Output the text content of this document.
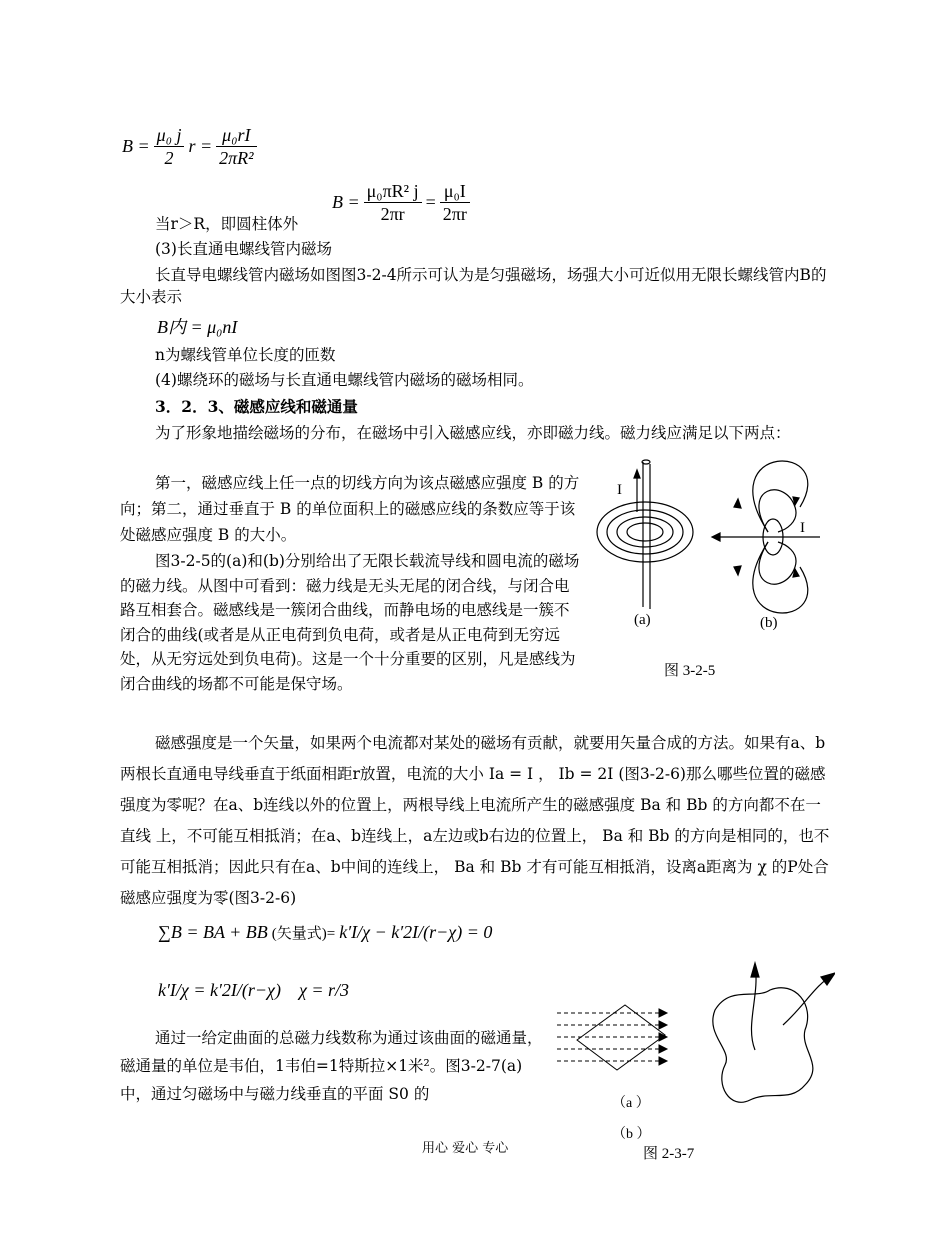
$B = \frac{\text{μ₀ j}}{2}$ $r = \frac{\text{μ₀rI}}{\text{2πR²}}$
$B = \frac{\text{μ₀πR² j}}{2\pi r} = \frac{\text{μ₀I}}{2\pi r}$
当r＞R，即圆柱体外
(3)长直通电螺线管内磁场
长直导电螺线管内磁场如图图3-2-4所示可认为是匀强磁场，场强大小可近似用无限长螺线管内B的大小表示
B内 = μ₀nI
n为螺线管单位长度的匝数
(4)螺绕环的磁场与长直通电螺线管内磁场的磁场相同。
3．2．3、磁感应线和磁通量
为了形象地描绘磁场的分布，在磁场中引入磁感应线，亦即磁力线。磁力线应满足以下两点：
第一，磁感应线上任一点的切线方向为该点磁感应强度 B 的方向；第二，通过垂直于 B 的单位面积上的磁感应线的条数应等于该处磁感应强度 B 的大小。
图3-2-5的(a)和(b)分别给出了无限长载流导线和圆电流的磁场的磁力线。从图中可看到：磁力线是无头无尾的闭合线，与闭合电路互相套合。磁感线是一簇闭合曲线，而静电场的电感线是一簇不闭合的曲线(或者是从正电荷到负电荷，或者是从正电荷到无穷远处，从无穷远处到负电荷)。这是一个十分重要的区别，凡是感线为闭合曲线的场都不可能是保守场。
I
I
(a)	(b)
图 3-2-5
磁感强度是一个矢量，如果两个电流都对某处的磁场有贡献，就要用矢量合成的方法。如果有a、b两根长直通电导线垂直于纸面相距r放置，电流的大小 Ia = I ， Ib = 2I (图3-2-6)那么哪些位置的磁感强度为零呢？在a、b连线以外的位置上，两根导线上电流所产生的磁感强度 Ba 和 Bb 的方向都不在一直线 上，不可能互相抵消；在a、b连线上，a左边或b右边的位置上， Ba 和 Bb 的方向是相同的，也不可能互相抵消；因此只有在a、b中间的连线上， Ba 和 Bb 才有可能互相抵消，设离a距离为 χ 的P处合磁感应强度为零(图3-2-6)
∑B = BA + BB (矢量式)= k′I/χ − k′2I/(r−χ) = 0
k′I/χ = k′2I/(r−χ) χ = r/3
通过一给定曲面的总磁力线数称为通过该曲面的磁通量，磁通量的单位是韦伯，1韦伯=1特斯拉×1米²。图3-2-7(a)中，通过匀磁场中与磁力线垂直的平面 S0 的
（a ）
（b ）
图 2-3-7
用心 爱心 专心
